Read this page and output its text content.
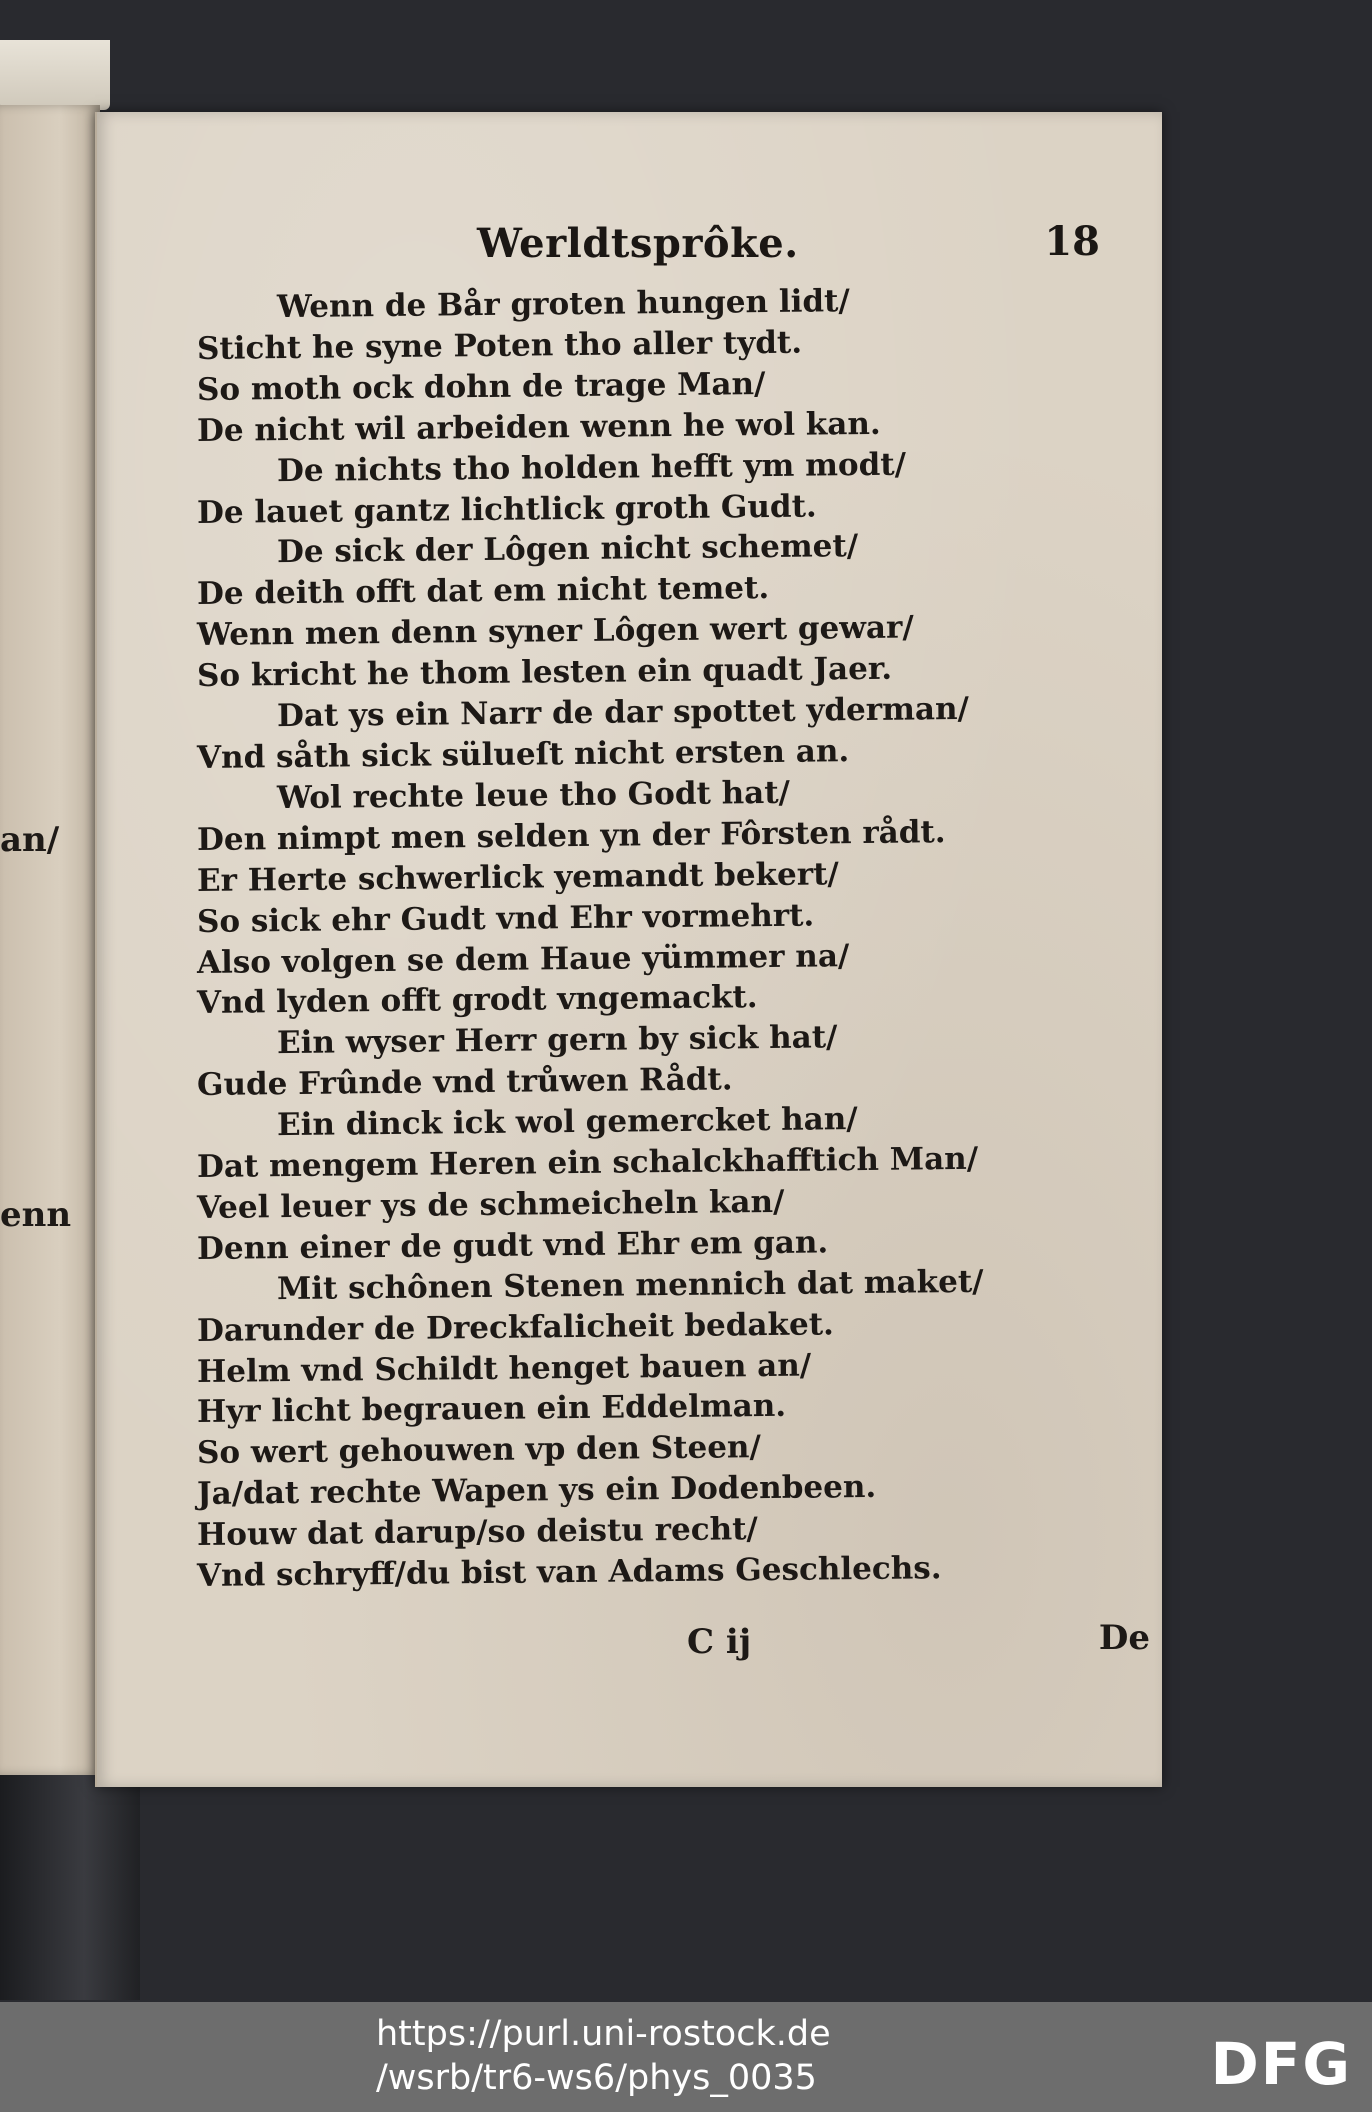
an/
enn
Werldtsprôke.	18
Wenn de Bår groten hungen lidt/
Sticht he syne Poten tho aller tydt.
So moth ock dohn de trage Man/
De nicht wil arbeiden wenn he wol kan.
De nichts tho holden hefft ym modt/
De lauet gantz lichtlick groth Gudt.
De sick der Lôgen nicht schemet/
De deith offt dat em nicht temet.
Wenn men denn syner Lôgen wert gewar/
So kricht he thom lesten ein quadt Jaer.
Dat ys ein Narr de dar spottet yderman/
Vnd såth sick sülueſt nicht ersten an.
Wol rechte leue tho Godt hat/
Den nimpt men selden yn der Fôrsten rådt.
Er Herte schwerlick yemandt bekert/
So sick ehr Gudt vnd Ehr vormehrt.
Also volgen se dem Haue yümmer na/
Vnd lyden offt grodt vngemackt.
Ein wyser Herr gern by sick hat/
Gude Frûnde vnd trůwen Rådt.
Ein dinck ick wol gemercket han/
Dat mengem Heren ein schalckhafftich Man/
Veel leuer ys de schmeicheln kan/
Denn einer de gudt vnd Ehr em gan.
Mit schônen Stenen mennich dat maket/
Darunder de Dreckfalicheit bedaket.
Helm vnd Schildt henget bauen an/
Hyr licht begrauen ein Eddelman.
So wert gehouwen vp den Steen/
Ja/dat rechte Wapen ys ein Dodenbeen.
Houw dat darup/so deistu recht/
Vnd schryff/du bist van Adams Geschlechs.
C ij	De
https://purl.uni-rostock.de
/wsrb/tr6-ws6/phys_0035	DFG
